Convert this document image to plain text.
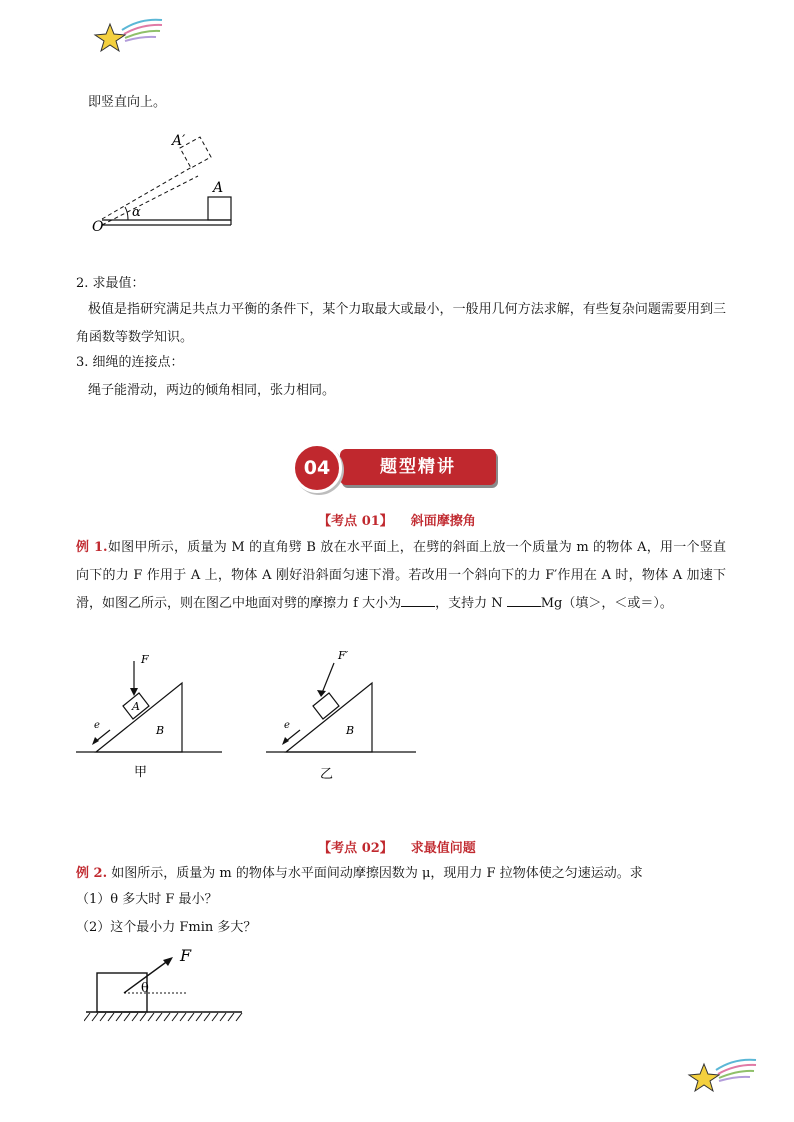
即竖直向上。
A′
A
O
α
2. 求最值：
极值是指研究满足共点力平衡的条件下，某个力取最大或最小，一般用几何方法求解，有些复杂问题需要用到三角函数等数学知识。
3. 细绳的连接点：
绳子能滑动，两边的倾角相同，张力相同。
题型精讲
04
【考点 01】 斜面摩擦角
例 1.如图甲所示，质量为 M 的直角劈 B 放在水平面上，在劈的斜面上放一个质量为 m 的物体 A，用一个竖直向下的力 F 作用于 A 上，物体 A 刚好沿斜面匀速下滑。若改用一个斜向下的力 F′作用在 A 时，物体 A 加速下滑，如图乙所示，则在图乙中地面对劈的摩擦力 f 大小为	，支持力 N	Mg（填＞，＜或＝）。
F
A
B
e
甲
F′
B
e
乙
【考点 02】 求最值问题
例 2. 如图所示，质量为 m 的物体与水平面间动摩擦因数为 μ，现用力 F 拉物体使之匀速运动。求
（1）θ 多大时 F 最小？
（2）这个最小力 Fmin 多大？
F
θ
